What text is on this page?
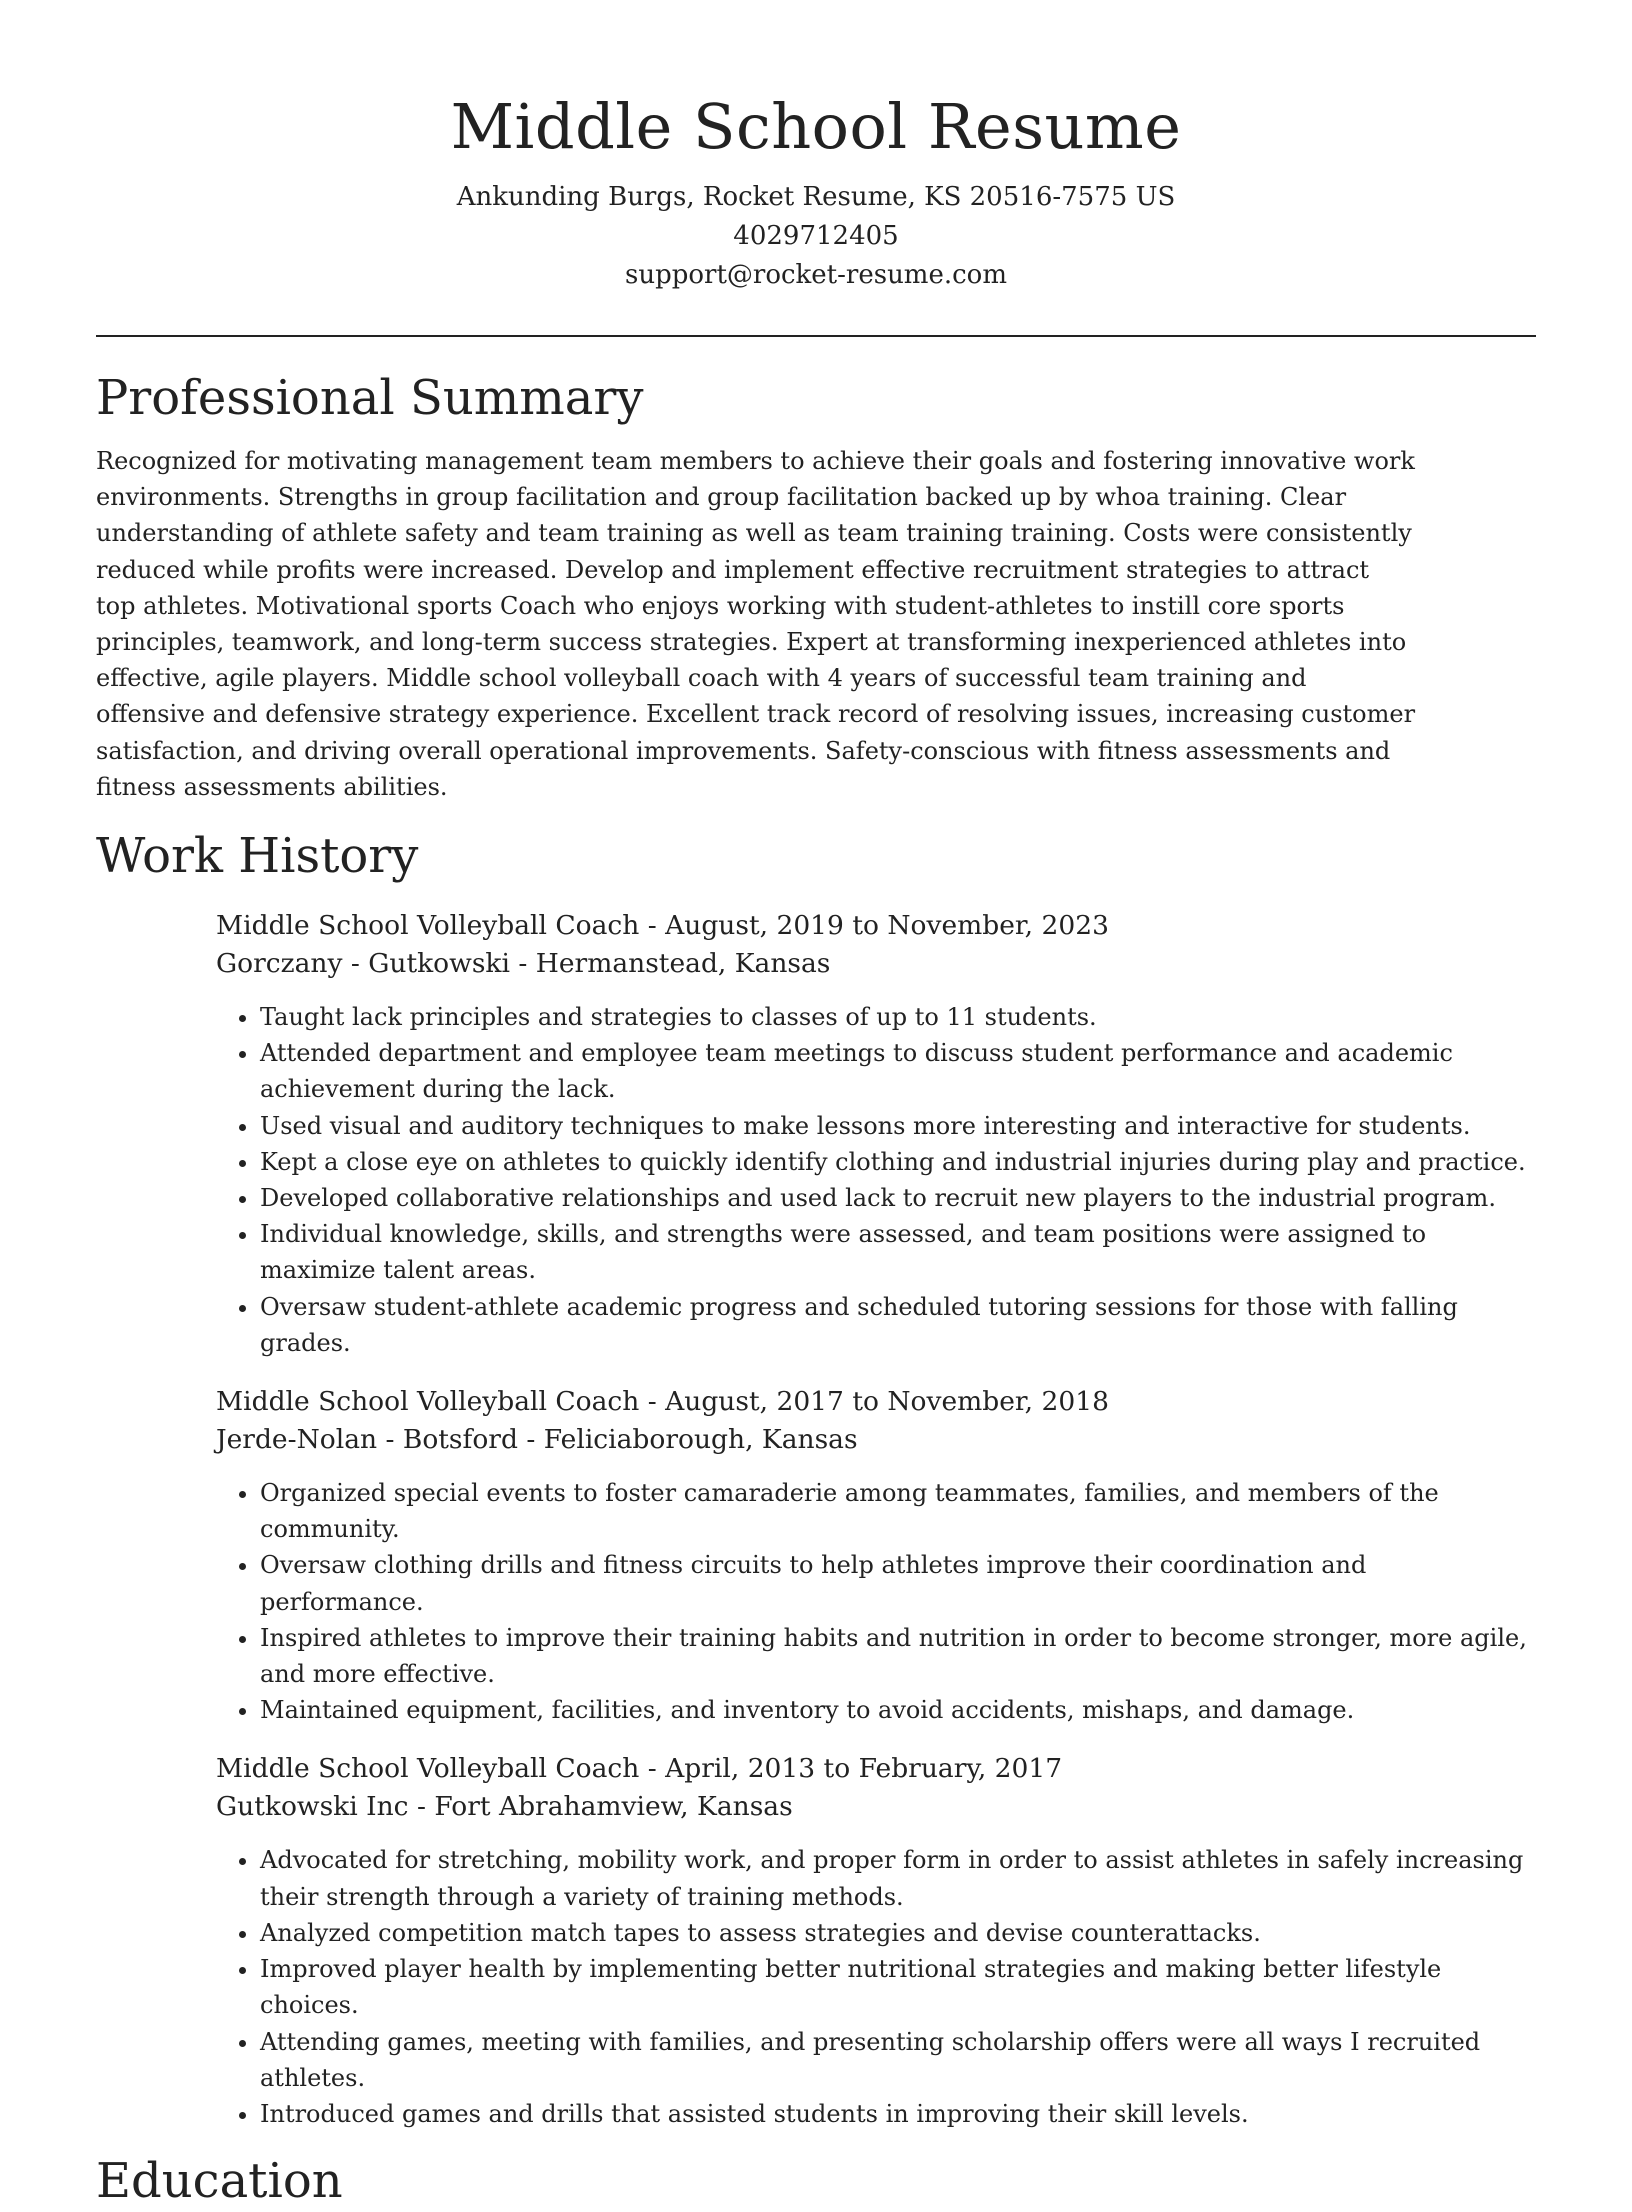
Middle School Resume
Ankunding Burgs, Rocket Resume, KS 20516-7575 US
4029712405
support@rocket-resume.com
Professional Summary

Recognized for motivating management team members to achieve their goals and fostering innovative work environments. Strengths in group facilitation and group facilitation backed up by whoa training. Clear understanding of athlete safety and team training as well as team training training. Costs were consistently reduced while profits were increased. Develop and implement effective recruitment strategies to attract top athletes. Motivational sports Coach who enjoys working with student-athletes to instill core sports principles, teamwork, and long-term success strategies. Expert at transforming inexperienced athletes into effective, agile players. Middle school volleyball coach with 4 years of successful team training and offensive and defensive strategy experience. Excellent track record of resolving issues, increasing customer satisfaction, and driving overall operational improvements. Safety-conscious with fitness assessments and fitness assessments abilities.

Work History
Middle School Volleyball Coach - August, 2019 to November, 2023
Gorczany - Gutkowski - Hermanstead, Kansas
• Taught lack principles and strategies to classes of up to 11 students.
• Attended department and employee team meetings to discuss student performance and academic achievement during the lack.
• Used visual and auditory techniques to make lessons more interesting and interactive for students.
• Kept a close eye on athletes to quickly identify clothing and industrial injuries during play and practice.
• Developed collaborative relationships and used lack to recruit new players to the industrial program.
• Individual knowledge, skills, and strengths were assessed, and team positions were assigned to maximize talent areas.
• Oversaw student-athlete academic progress and scheduled tutoring sessions for those with falling grades.
Middle School Volleyball Coach - August, 2017 to November, 2018
Jerde-Nolan - Botsford - Feliciaborough, Kansas
• Organized special events to foster camaraderie among teammates, families, and members of the community.
• Oversaw clothing drills and fitness circuits to help athletes improve their coordination and performance.
• Inspired athletes to improve their training habits and nutrition in order to become stronger, more agile, and more effective.
• Maintained equipment, facilities, and inventory to avoid accidents, mishaps, and damage.
Middle School Volleyball Coach - April, 2013 to February, 2017
Gutkowski Inc - Fort Abrahamview, Kansas
• Advocated for stretching, mobility work, and proper form in order to assist athletes in safely increasing their strength through a variety of training methods.
• Analyzed competition match tapes to assess strategies and devise counterattacks.
• Improved player health by implementing better nutritional strategies and making better lifestyle choices.
• Attending games, meeting with families, and presenting scholarship offers were all ways I recruited athletes.
• Introduced games and drills that assisted students in improving their skill levels.
Education
